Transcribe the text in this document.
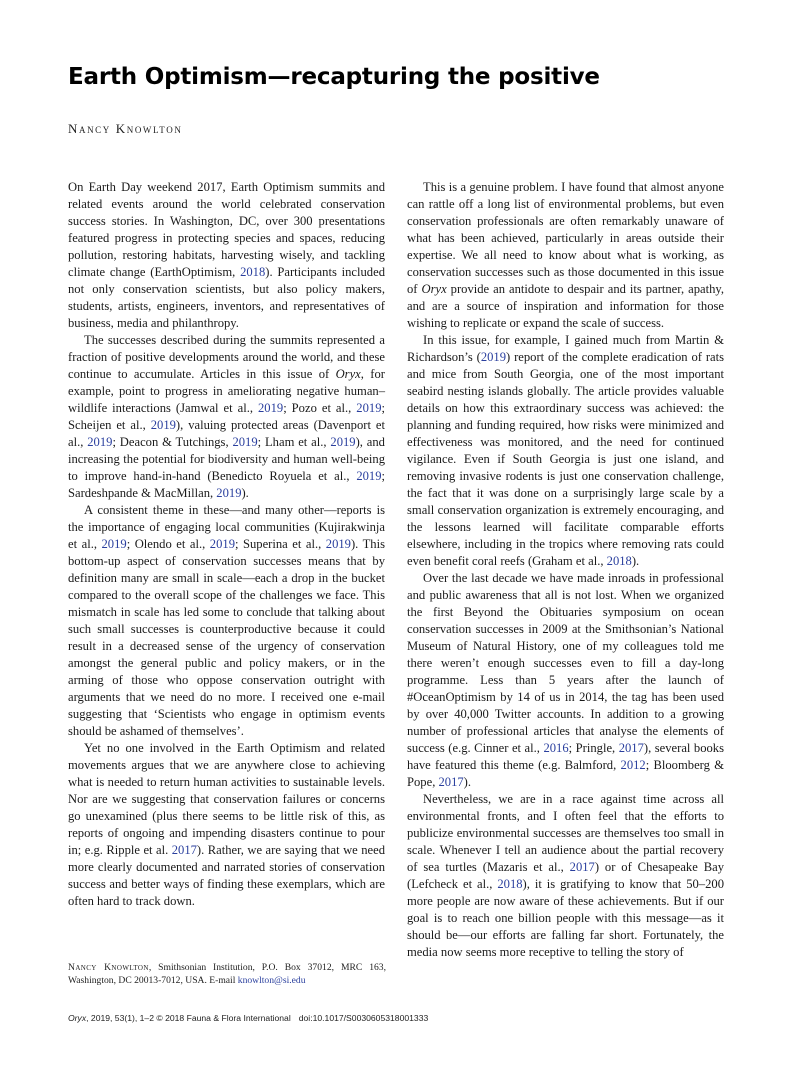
Earth Optimism—recapturing the positive
Nancy Knowlton

On Earth Day weekend 2017, Earth Optimism summits and related events around the world celebrated conservation success stories. In Washington, DC, over 300 presentations featured progress in protecting species and spaces, reducing pollution, restoring habitats, harvesting wisely, and tackling climate change (EarthOptimism, 2018). Participants included not only conservation scientists, but also policy makers, students, artists, engineers, inventors, and representatives of business, media and philanthropy.

The successes described during the summits represented a fraction of positive developments around the world, and these continue to accumulate. Articles in this issue of Oryx, for example, point to progress in ameliorating negative human–wildlife interactions (Jamwal et al., 2019; Pozo et al., 2019; Scheijen et al., 2019), valuing protected areas (Davenport et al., 2019; Deacon & Tutchings, 2019; Lham et al., 2019), and increasing the potential for biodiversity and human well-being to improve hand-in-hand (Benedicto Royuela et al., 2019; Sardeshpande & MacMillan, 2019).

A consistent theme in these—and many other—reports is the importance of engaging local communities (Kujirakwinja et al., 2019; Olendo et al., 2019; Superina et al., 2019). This bottom-up aspect of conservation successes means that by definition many are small in scale—each a drop in the bucket compared to the overall scope of the challenges we face. This mismatch in scale has led some to conclude that talking about such small successes is counterproductive because it could result in a decreased sense of the urgency of conservation amongst the general public and policy makers, or in the arming of those who oppose conservation outright with arguments that we need do no more. I received one e-mail suggesting that ‘Scientists who engage in optimism events should be ashamed of themselves’.

Yet no one involved in the Earth Optimism and related movements argues that we are anywhere close to achieving what is needed to return human activities to sustainable levels. Nor are we suggesting that conservation failures or concerns go unexamined (plus there seems to be little risk of this, as reports of ongoing and impending disasters continue to pour in; e.g. Ripple et al. 2017). Rather, we are saying that we need more clearly documented and narrated stories of conservation success and better ways of finding these exemplars, which are often hard to track down.

This is a genuine problem. I have found that almost anyone can rattle off a long list of environmental problems, but even conservation professionals are often remarkably unaware of what has been achieved, particularly in areas outside their expertise. We all need to know about what is working, as conservation successes such as those documented in this issue of Oryx provide an antidote to despair and its partner, apathy, and are a source of inspiration and information for those wishing to replicate or expand the scale of success.

In this issue, for example, I gained much from Martin & Richardson’s (2019) report of the complete eradication of rats and mice from South Georgia, one of the most important seabird nesting islands globally. The article provides valuable details on how this extraordinary success was achieved: the planning and funding required, how risks were minimized and effectiveness was monitored, and the need for continued vigilance. Even if South Georgia is just one island, and removing invasive rodents is just one conservation challenge, the fact that it was done on a surprisingly large scale by a small conservation organization is extremely encouraging, and the lessons learned will facilitate comparable efforts elsewhere, including in the tropics where removing rats could even benefit coral reefs (Graham et al., 2018).

Over the last decade we have made inroads in professional and public awareness that all is not lost. When we organized the first Beyond the Obituaries symposium on ocean conservation successes in 2009 at the Smithsonian’s National Museum of Natural History, one of my colleagues told me there weren’t enough successes even to fill a day-long programme. Less than 5 years after the launch of #OceanOptimism by 14 of us in 2014, the tag has been used by over 40,000 Twitter accounts. In addition to a growing number of professional articles that analyse the elements of success (e.g. Cinner et al., 2016; Pringle, 2017), several books have featured this theme (e.g. Balmford, 2012; Bloomberg & Pope, 2017).

Nevertheless, we are in a race against time across all environmental fronts, and I often feel that the efforts to publicize environmental successes are themselves too small in scale. Whenever I tell an audience about the partial recovery of sea turtles (Mazaris et al., 2017) or of Chesapeake Bay (Lefcheck et al., 2018), it is gratifying to know that 50–200 more people are now aware of these achievements. But if our goal is to reach one billion people with this message—as it should be—our efforts are falling far short. Fortunately, the media now seems more receptive to telling the story of

Nancy Knowlton, Smithsonian Institution, P.O. Box 37012, MRC 163, Washington, DC 20013-7012, USA. E-mail knowlton@si.edu
Oryx, 2019, 53(1), 1–2 © 2018 Fauna & Flora International doi:10.1017/S0030605318001333
